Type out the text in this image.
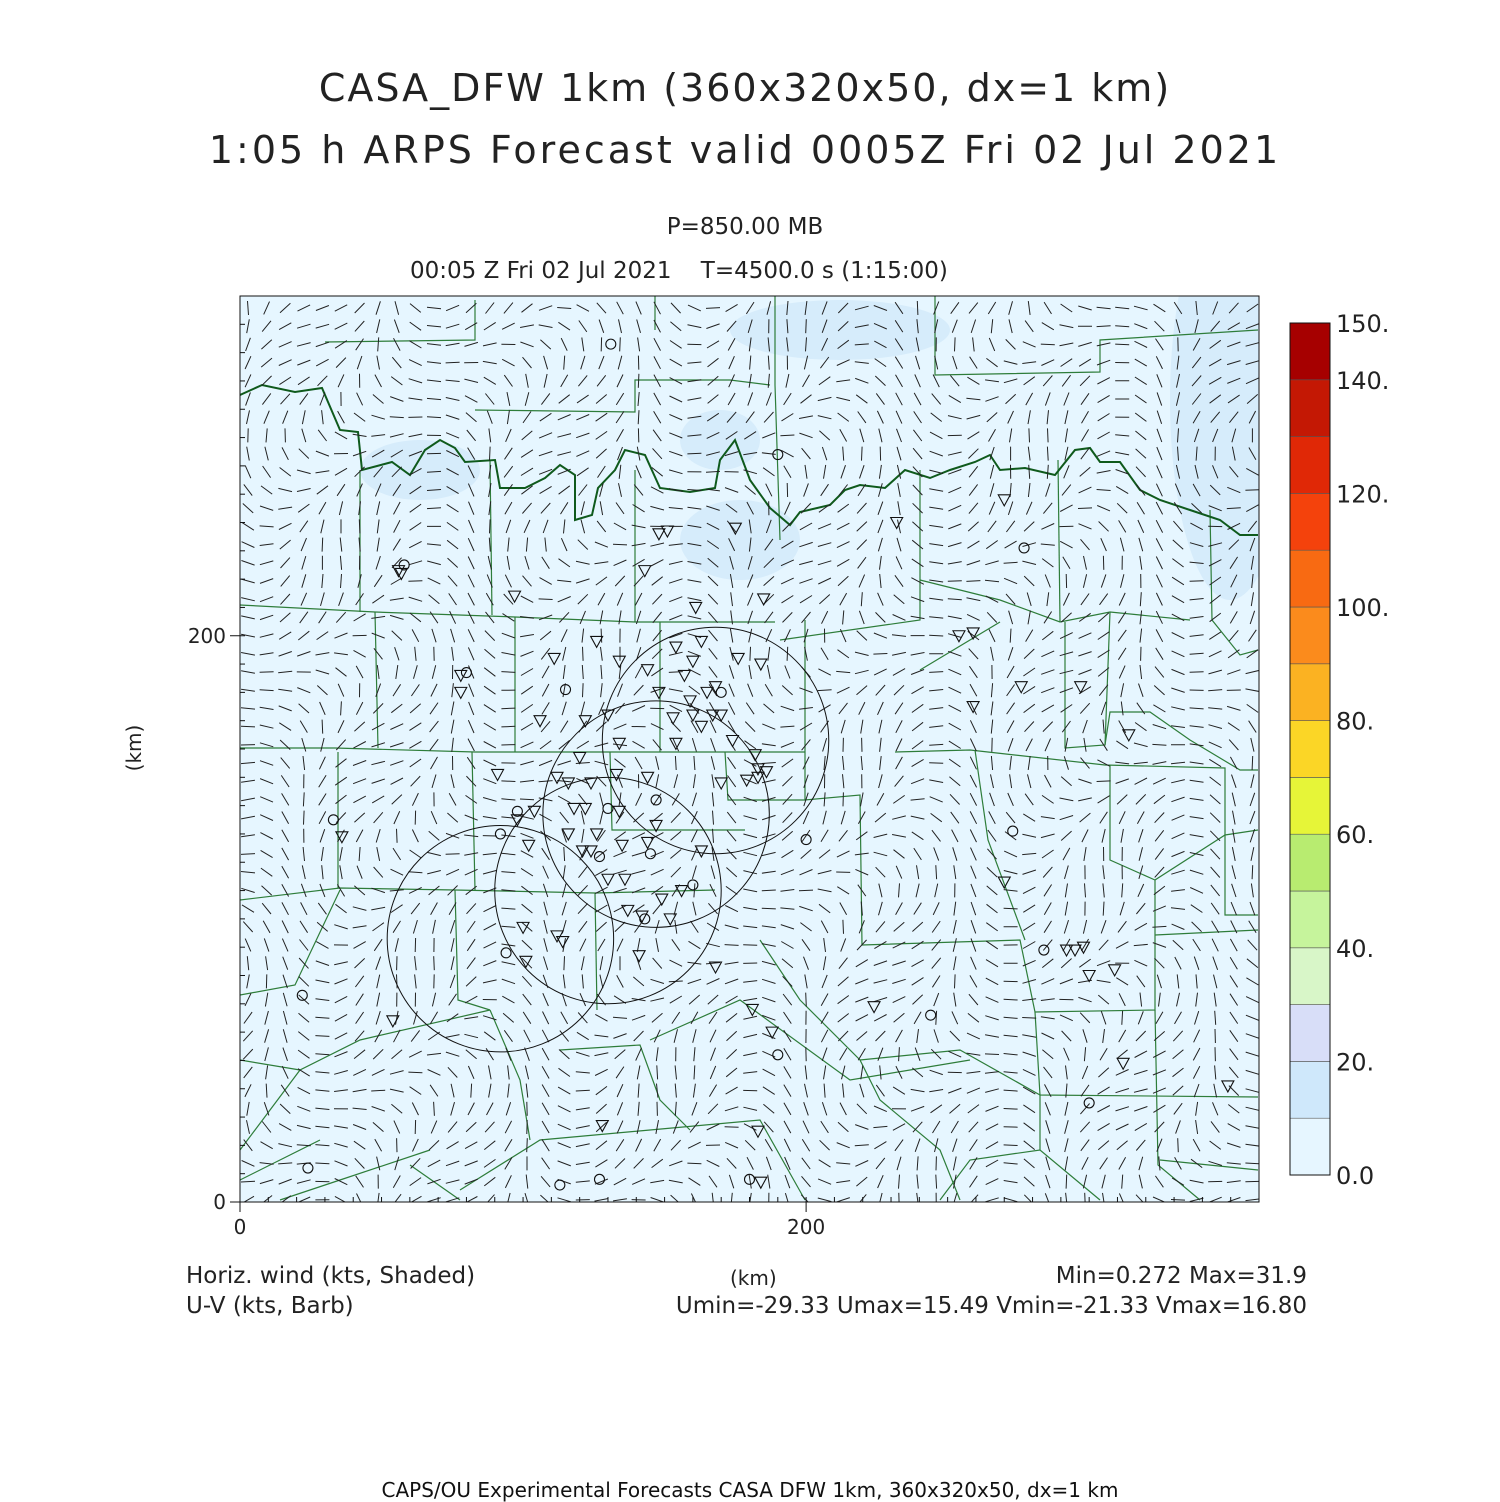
CASA_DFW 1km (360x320x50, dx=1 km)
1:05 h ARPS Forecast valid 0005Z Fri 02 Jul 2021
P=850.00 MB
00:05 Z Fri 02 Jul 2021 T=4500.0 s (1:15:00)
0	200
0
200
(km)
0.0
20.
40.
60.
80.
100.
120.
140.
150.
Horiz. wind (kts, Shaded)
U-V (kts, Barb)
(km)	Min=0.272 Max=31.9
Umin=-29.33 Umax=15.49 Vmin=-21.33 Vmax=16.80
CAPS/OU Experimental Forecasts CASA DFW 1km, 360x320x50, dx=1 km
